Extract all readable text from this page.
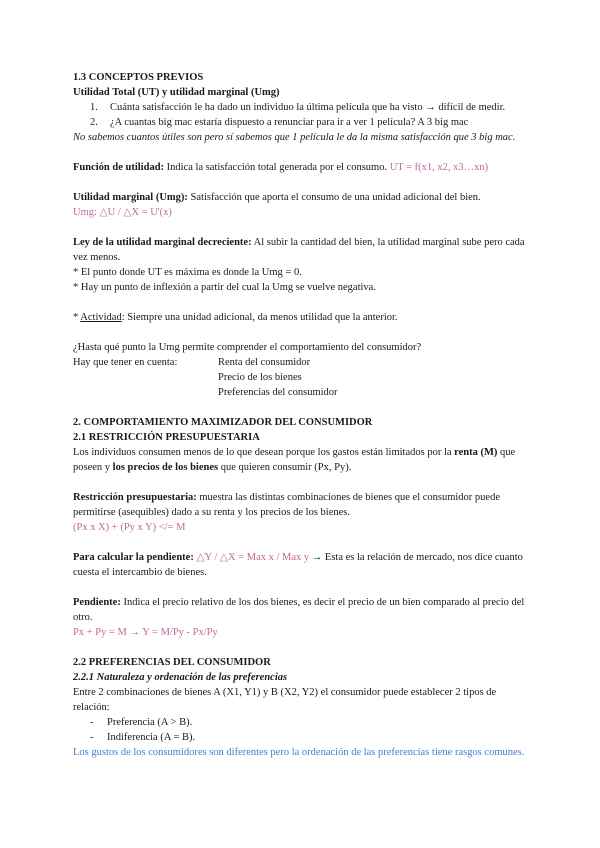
1.3 CONCEPTOS PREVIOS

Utilidad Total (UT) y utilidad marginal (Umg)

1. Cuánta satisfacción le ha dado un individuo la última película que ha visto → difícil de medir.
2. ¿A cuantas big mac estaría dispuesto a renunciar para ir a ver 1 película? A 3 big mac

No sabemos cuantos útiles son pero sí sabemos que 1 película le da la misma satisfacción que 3 big mac.

Función de utilidad: Indica la satisfacción total generada por el consumo. UT = f(x1, x2, x3…xn)

Utilidad marginal (Umg): Satisfacción que aporta el consumo de una unidad adicional del bien.

Umg: △U / △X = U'(x)

Ley de la utilidad marginal decreciente: Al subir la cantidad del bien, la utilidad marginal sube pero cada vez menos.

* El punto donde UT es máxima es donde la Umg = 0.

* Hay un punto de inflexión a partir del cual la Umg se vuelve negativa.

* Actividad: Siempre una unidad adicional, da menos utilidad que la anterior.

¿Hasta qué punto la Umg permite comprender el comportamiento del consumidor?

Hay que tener en cuenta:	Renta del consumidor

Precio de los bienes

Preferencias del consumidor

2. COMPORTAMIENTO MAXIMIZADOR DEL CONSUMIDOR

2.1 RESTRICCIÓN PRESUPUESTARIA

Los individuos consumen menos de lo que desean porque los gastos están limitados por la renta (M) que poseen y los precios de los bienes que quieren consumir (Px, Py).

Restricción presupuestaria: muestra las distintas combinaciones de bienes que el consumidor puede permitirse (asequibles) dado a su renta y los precios de los bienes.

(Px x X) + (Py x Y) </= M

Para calcular la pendiente: △Y / △X = Max x / Max y → Esta es la relación de mercado, nos dice cuanto cuesta el intercambio de bienes.

Pendiente: Indica el precio relativo de los dos bienes, es decir el precio de un bien comparado al precio del otro.

Px + Py = M → Y = M/Py - Px/Py

2.2 PREFERENCIAS DEL CONSUMIDOR

2.2.1 Naturaleza y ordenación de las preferencias

Entre 2 combinaciones de bienes A (X1, Y1) y B (X2, Y2) el consumidor puede establecer 2 tipos de relación:

- Preferencia (A > B).
- Indiferencia (A = B).

Los gustos de los consumidores son diferentes pero la ordenación de las preferencias tiene rasgos comunes.
